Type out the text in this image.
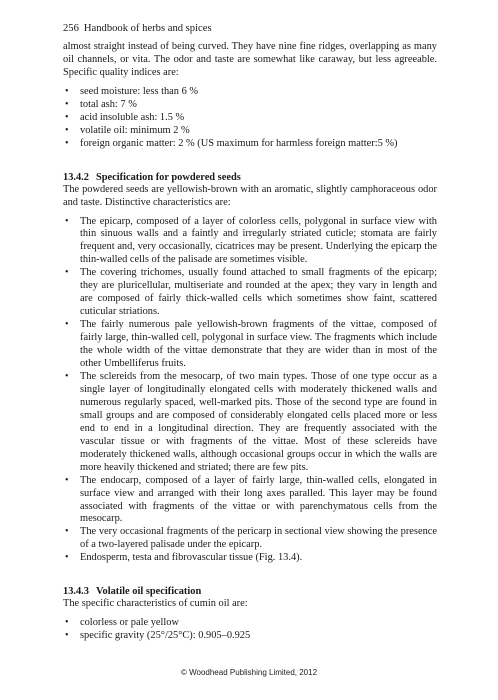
256 Handbook of herbs and spices

almost straight instead of being curved. They have nine fine ridges, overlapping as many oil channels, or vita. The odor and taste are somewhat like caraway, but less agreeable. Specific quality indices are:

• seed moisture: less than 6 %
• total ash: 7 %
• acid insoluble ash: 1.5 %
• volatile oil: minimum 2 %
• foreign organic matter: 2 % (US maximum for harmless foreign matter:5 %)
13.4.2 Specification for powdered seeds

The powdered seeds are yellowish-brown with an aromatic, slightly camphoraceous odor and taste. Distinctive characteristics are:

• The epicarp, composed of a layer of colorless cells, polygonal in surface view with thin sinuous walls and a faintly and irregularly striated cuticle; stomata are fairly frequent and, very occasionally, cicatrices may be present. Underlying the epicarp the thin-walled cells of the palisade are sometimes visible.
• The covering trichomes, usually found attached to small fragments of the epicarp; they are pluricellular, multiseriate and rounded at the apex; they vary in length and are composed of fairly thick-walled cells which sometimes show faint, scattered cuticular striations.
• The fairly numerous pale yellowish-brown fragments of the vittae, composed of fairly large, thin-walled cell, polygonal in surface view. The fragments which include the whole width of the vittae demonstrate that they are wider than in most of the other Umbelliferus fruits.
• The sclereids from the mesocarp, of two main types. Those of one type occur as a single layer of longitudinally elongated cells with moderately thickened walls and numerous regularly spaced, well-marked pits. Those of the second type are found in small groups and are composed of considerably elongated cells placed more or less end to end in a longitudinal direction. They are frequently associated with the vascular tissue or with fragments of the vittae. Most of these sclereids have moderately thickened walls, although occasional groups occur in which the walls are more heavily thickened and striated; there are few pits.
• The endocarp, composed of a layer of fairly large, thin-walled cells, elongated in surface view and arranged with their long axes paralled. This layer may be found associated with fragments of the vittae or with parenchymatous cells from the mesocarp.
• The very occasional fragments of the pericarp in sectional view showing the presence of a two-layered palisade under the epicarp.
• Endosperm, testa and fibrovascular tissue (Fig. 13.4).
13.4.3 Volatile oil specification

The specific characteristics of cumin oil are:

• colorless or pale yellow
• specific gravity (25°/25°C): 0.905–0.925
© Woodhead Publishing Limited, 2012
